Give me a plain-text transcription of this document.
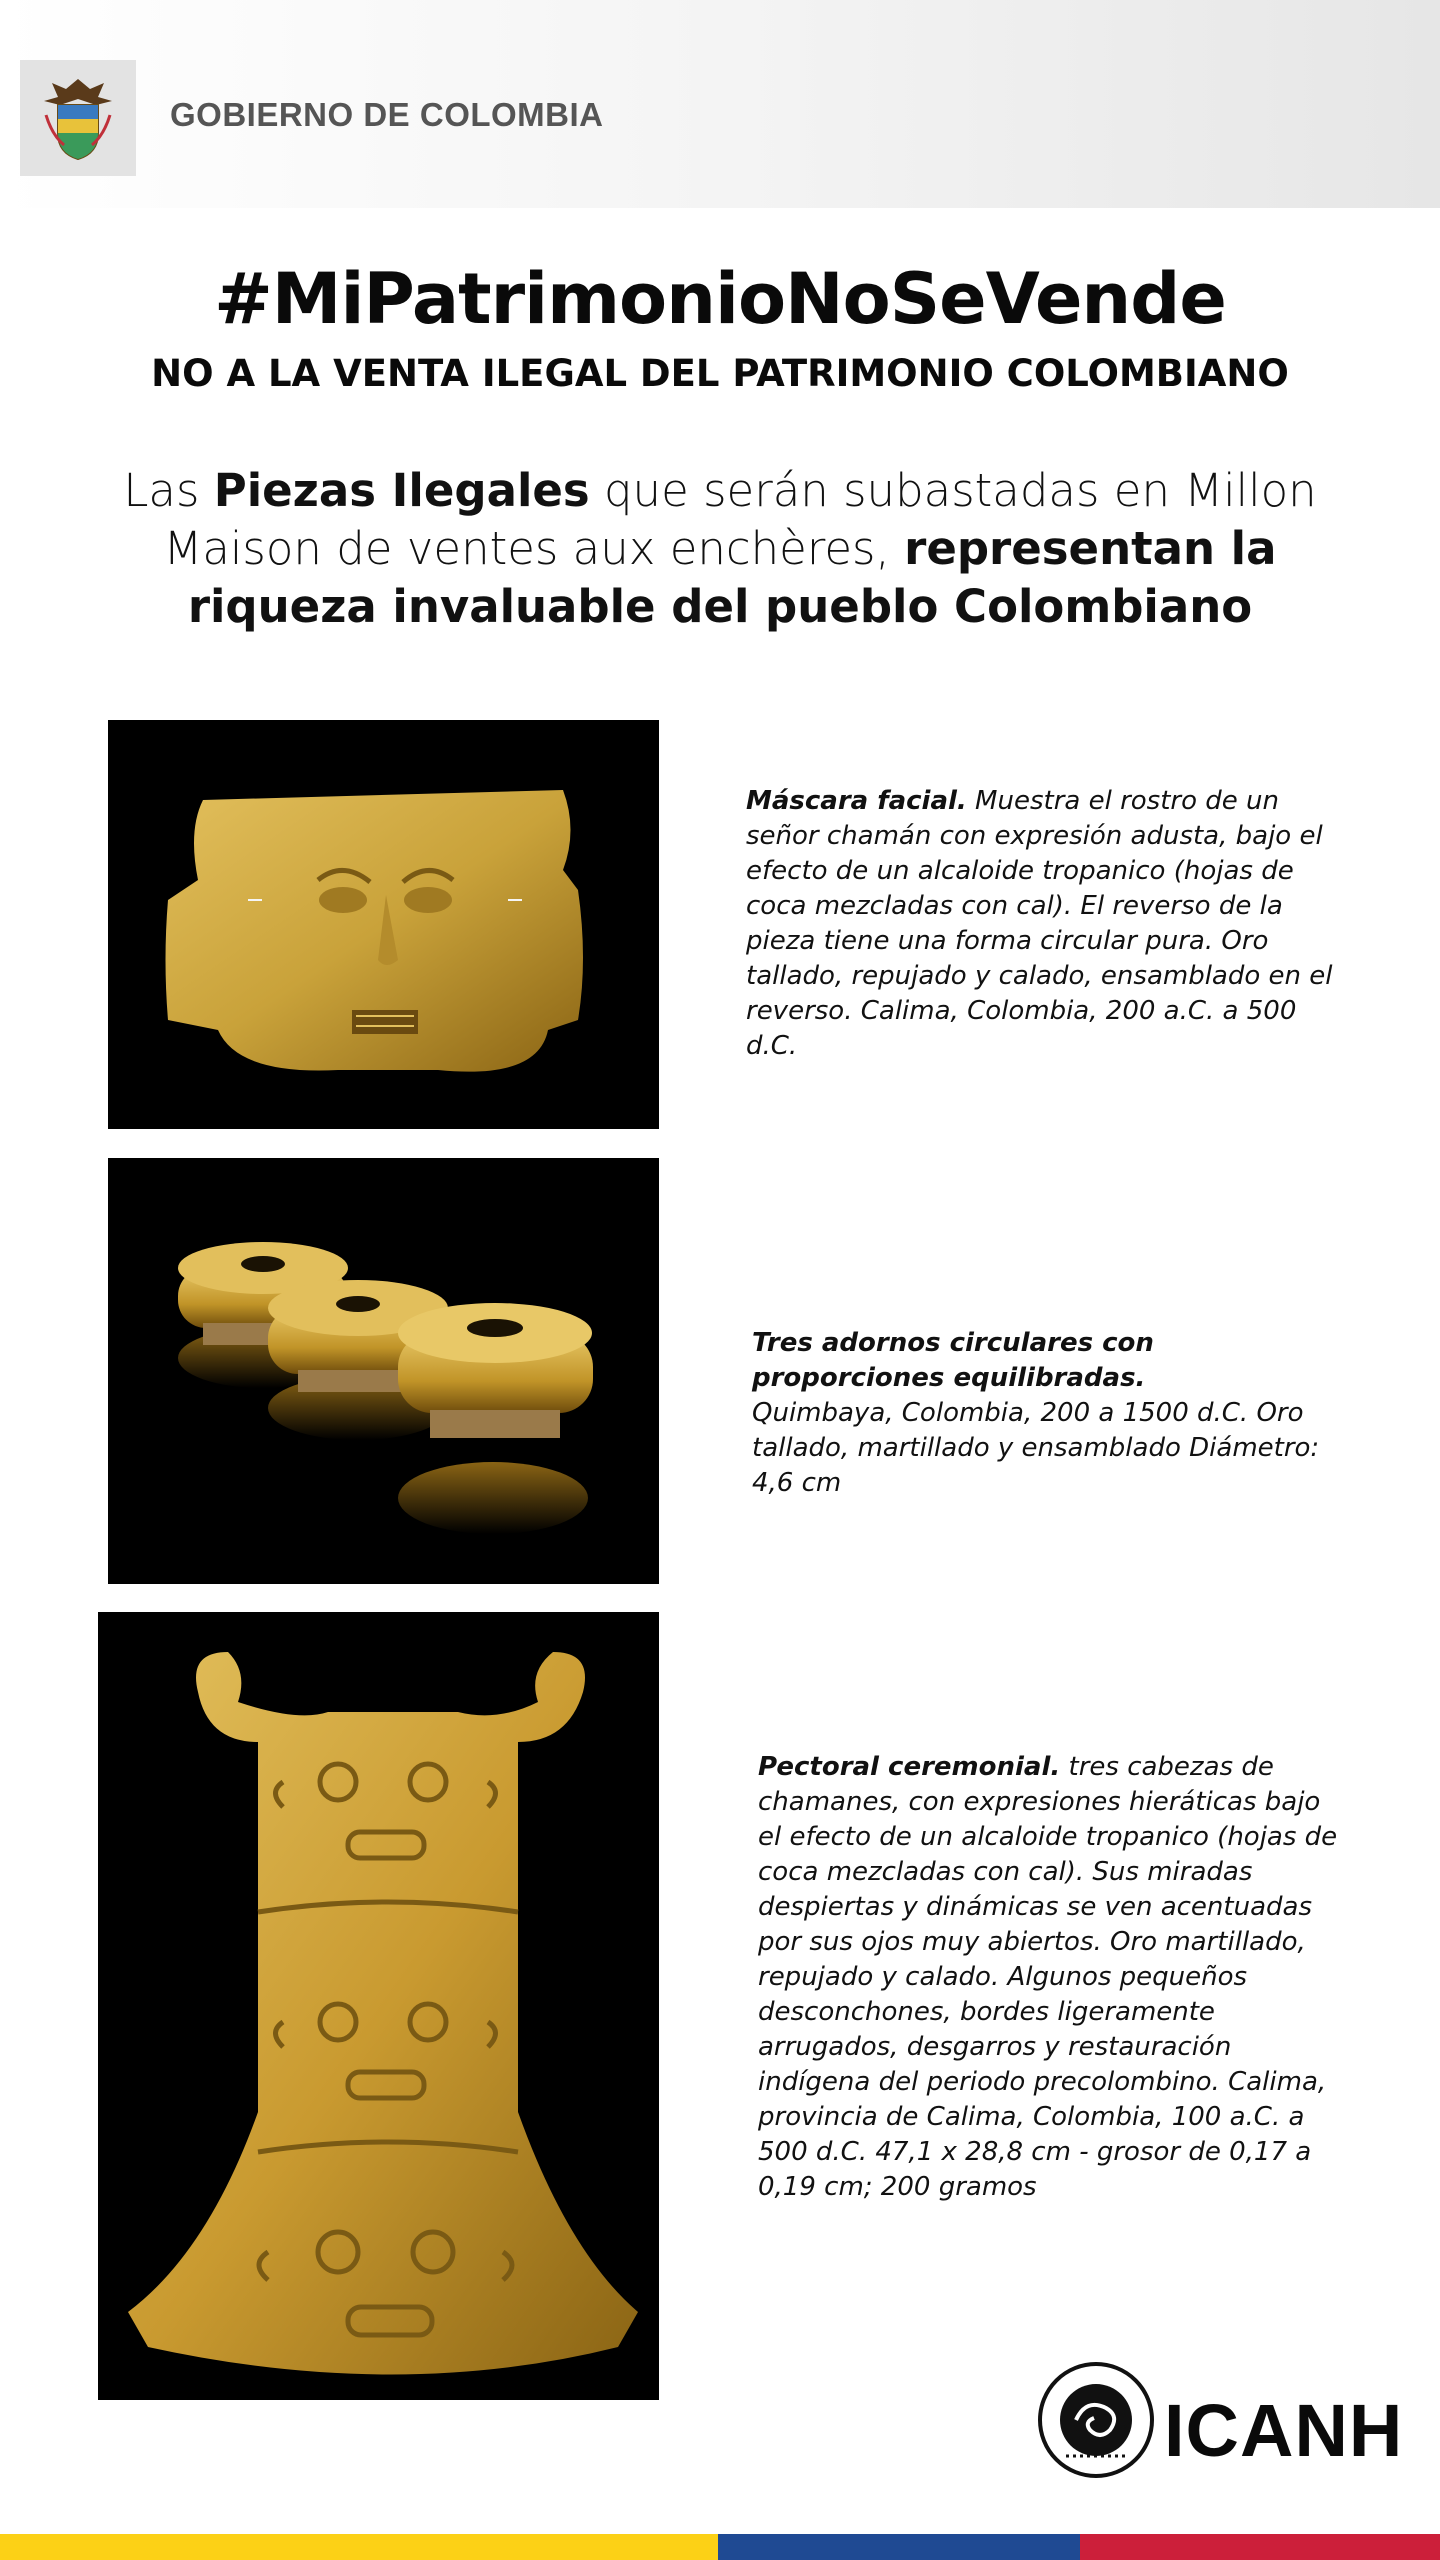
GOBIERNO DE COLOMBIA
#MiPatrimonioNoSeVende
NO A LA VENTA ILEGAL DEL PATRIMONIO COLOMBIANO
Las Piezas Ilegales que serán subastadas en Millon Maison de ventes aux enchères, representan la riqueza invaluable del pueblo Colombiano
Máscara facial. Muestra el rostro de un señor chamán con expresión adusta, bajo el efecto de un alcaloide tropanico (hojas de coca mezcladas con cal). El reverso de la pieza tiene una forma circular pura. Oro tallado, repujado y calado, ensamblado en el reverso. Calima, Colombia, 200 a.C. a 500 d.C.
Tres adornos circulares con proporciones equilibradas.
Quimbaya, Colombia, 200 a 1500 d.C. Oro tallado, martillado y ensamblado Diámetro: 4,6 cm
Pectoral ceremonial. tres cabezas de chamanes, con expresiones hieráticas bajo el efecto de un alcaloide tropanico (hojas de coca mezcladas con cal). Sus miradas despiertas y dinámicas se ven acentuadas por sus ojos muy abiertos. Oro martillado, repujado y calado. Algunos pequeños desconchones, bordes ligeramente arrugados, desgarros y restauración indígena del periodo precolombino. Calima, provincia de Calima, Colombia, 100 a.C. a 500 d.C. 47,1 x 28,8 cm - grosor de 0,17 a 0,19 cm; 200 gramos
ICANH
